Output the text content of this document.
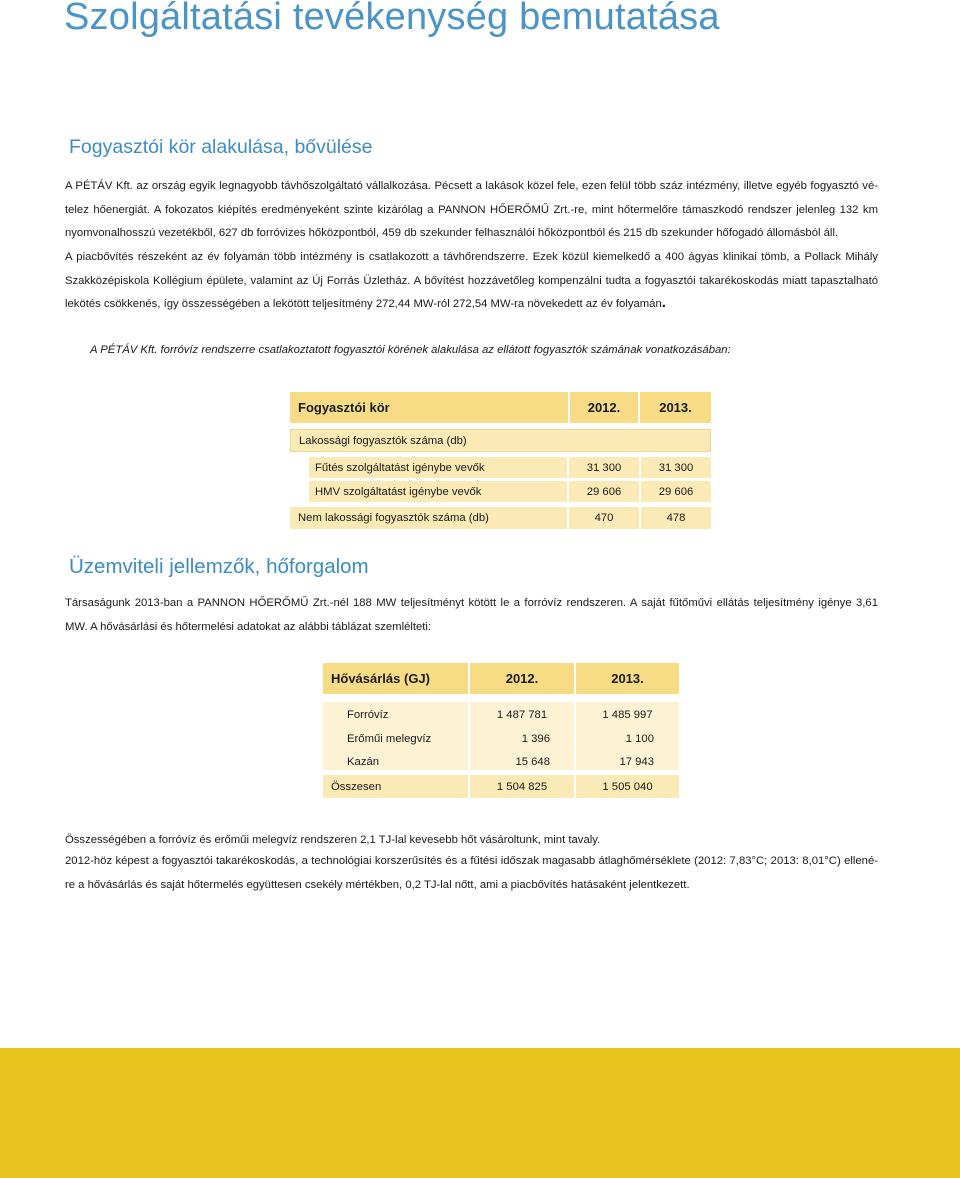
Szolgáltatási tevékenység bemutatása
Fogyasztói kör alakulása, bővülése

A PÉTÁV Kft. az ország egyik legnagyobb távhőszolgáltató vállalkozása. Pécsett a lakások közel fele, ezen felül több száz intézmény, illetve egyéb fogyasztó vételez hőenergiát. A fokozatos kiépítés eredményeként szinte kizárólag a PANNON HŐERŐMŰ Zrt.-re, mint hőtermelőre támaszkodó rendszer jelenleg 132 km nyomvonalhosszú vezetékből, 627 db forróvizes hőközpontból, 459 db szekunder felhasználói hőközpontból és 215 db szekunder hőfogadó állomásból áll.

A piacbővítés részeként az év folyamán több intézmény is csatlakozott a távhőrendszerre. Ezek közül kiemelkedő a 400 ágyas klinikai tömb, a Pollack Mihály Szakközépiskola Kollégium épülete, valamint az Új Forrás Üzletház. A bővítést hozzávetőleg kompenzálni tudta a fogyasztói takarékoskodás miatt tapasztalható lekötés csökkenés, így összességében a lekötött teljesítmény 272,44 MW-ról 272,54 MW-ra növekedett az év folyamán.

A PÉTÁV Kft. forróvíz rendszerre csatlakoztatott fogyasztói körének alakulása az ellátott fogyasztók számának vonatkozásában:

Fogyasztói kör	2012.	2013.
Lakossági fogyasztók száma (db)
Fűtés szolgáltatást igénybe vevők	31 300	31 300
HMV szolgáltatást igénybe vevők	29 606	29 606
Nem lakossági fogyasztók száma (db)	470	478
Üzemviteli jellemzők, hőforgalom

Társaságunk 2013-ban a PANNON HŐERŐMŰ Zrt.-nél 188 MW teljesítményt kötött le a forróvíz rendszeren. A saját fűtőművi ellátás teljesítmény igénye 3,61 MW. A hővásárlási és hőtermelési adatokat az alábbi táblázat szemlélteti:

Hővásárlás (GJ)	2012.	2013.
Forróvíz	1 487 781	1 485 997
Erőműi melegvíz	1 396	1 100
Kazán	15 648	17 943
Összesen	1 504 825	1 505 040

Összességében a forróvíz és erőműi melegvíz rendszeren 2,1 TJ-lal kevesebb hőt vásároltunk, mint tavaly.

2012-höz képest a fogyasztói takarékoskodás, a technológiai korszerűsítés és a fűtési időszak magasabb átlaghőmérséklete (2012: 7,83°C; 2013: 8,01°C) ellenére a hővásárlás és saját hőtermelés együttesen csekély mértékben, 0,2 TJ-lal nőtt, ami a piacbővítés hatásaként jelentkezett.
